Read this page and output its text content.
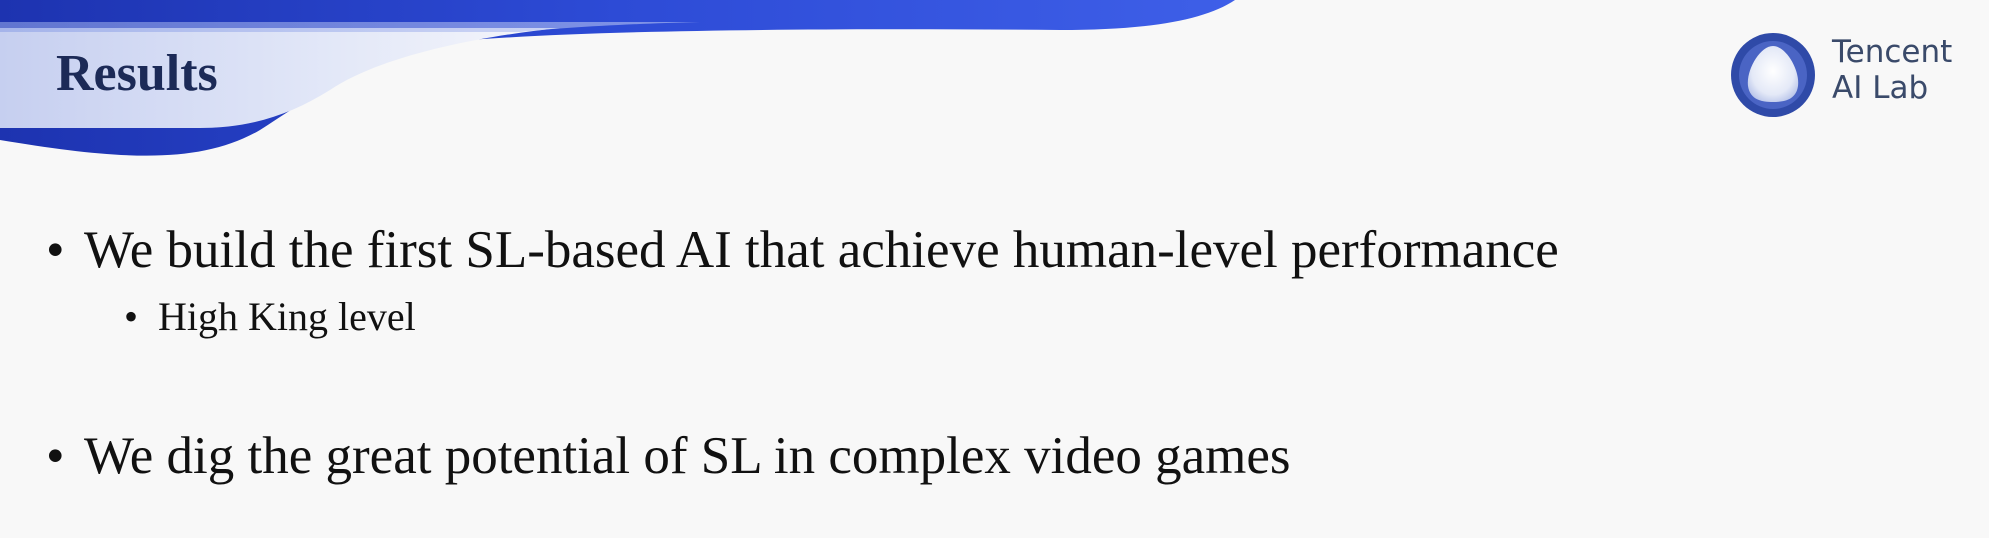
Results	Tencent
AI Lab
• We build the first SL-based AI that achieve human-level performance
• High King level
• We dig the great potential of SL in complex video games
